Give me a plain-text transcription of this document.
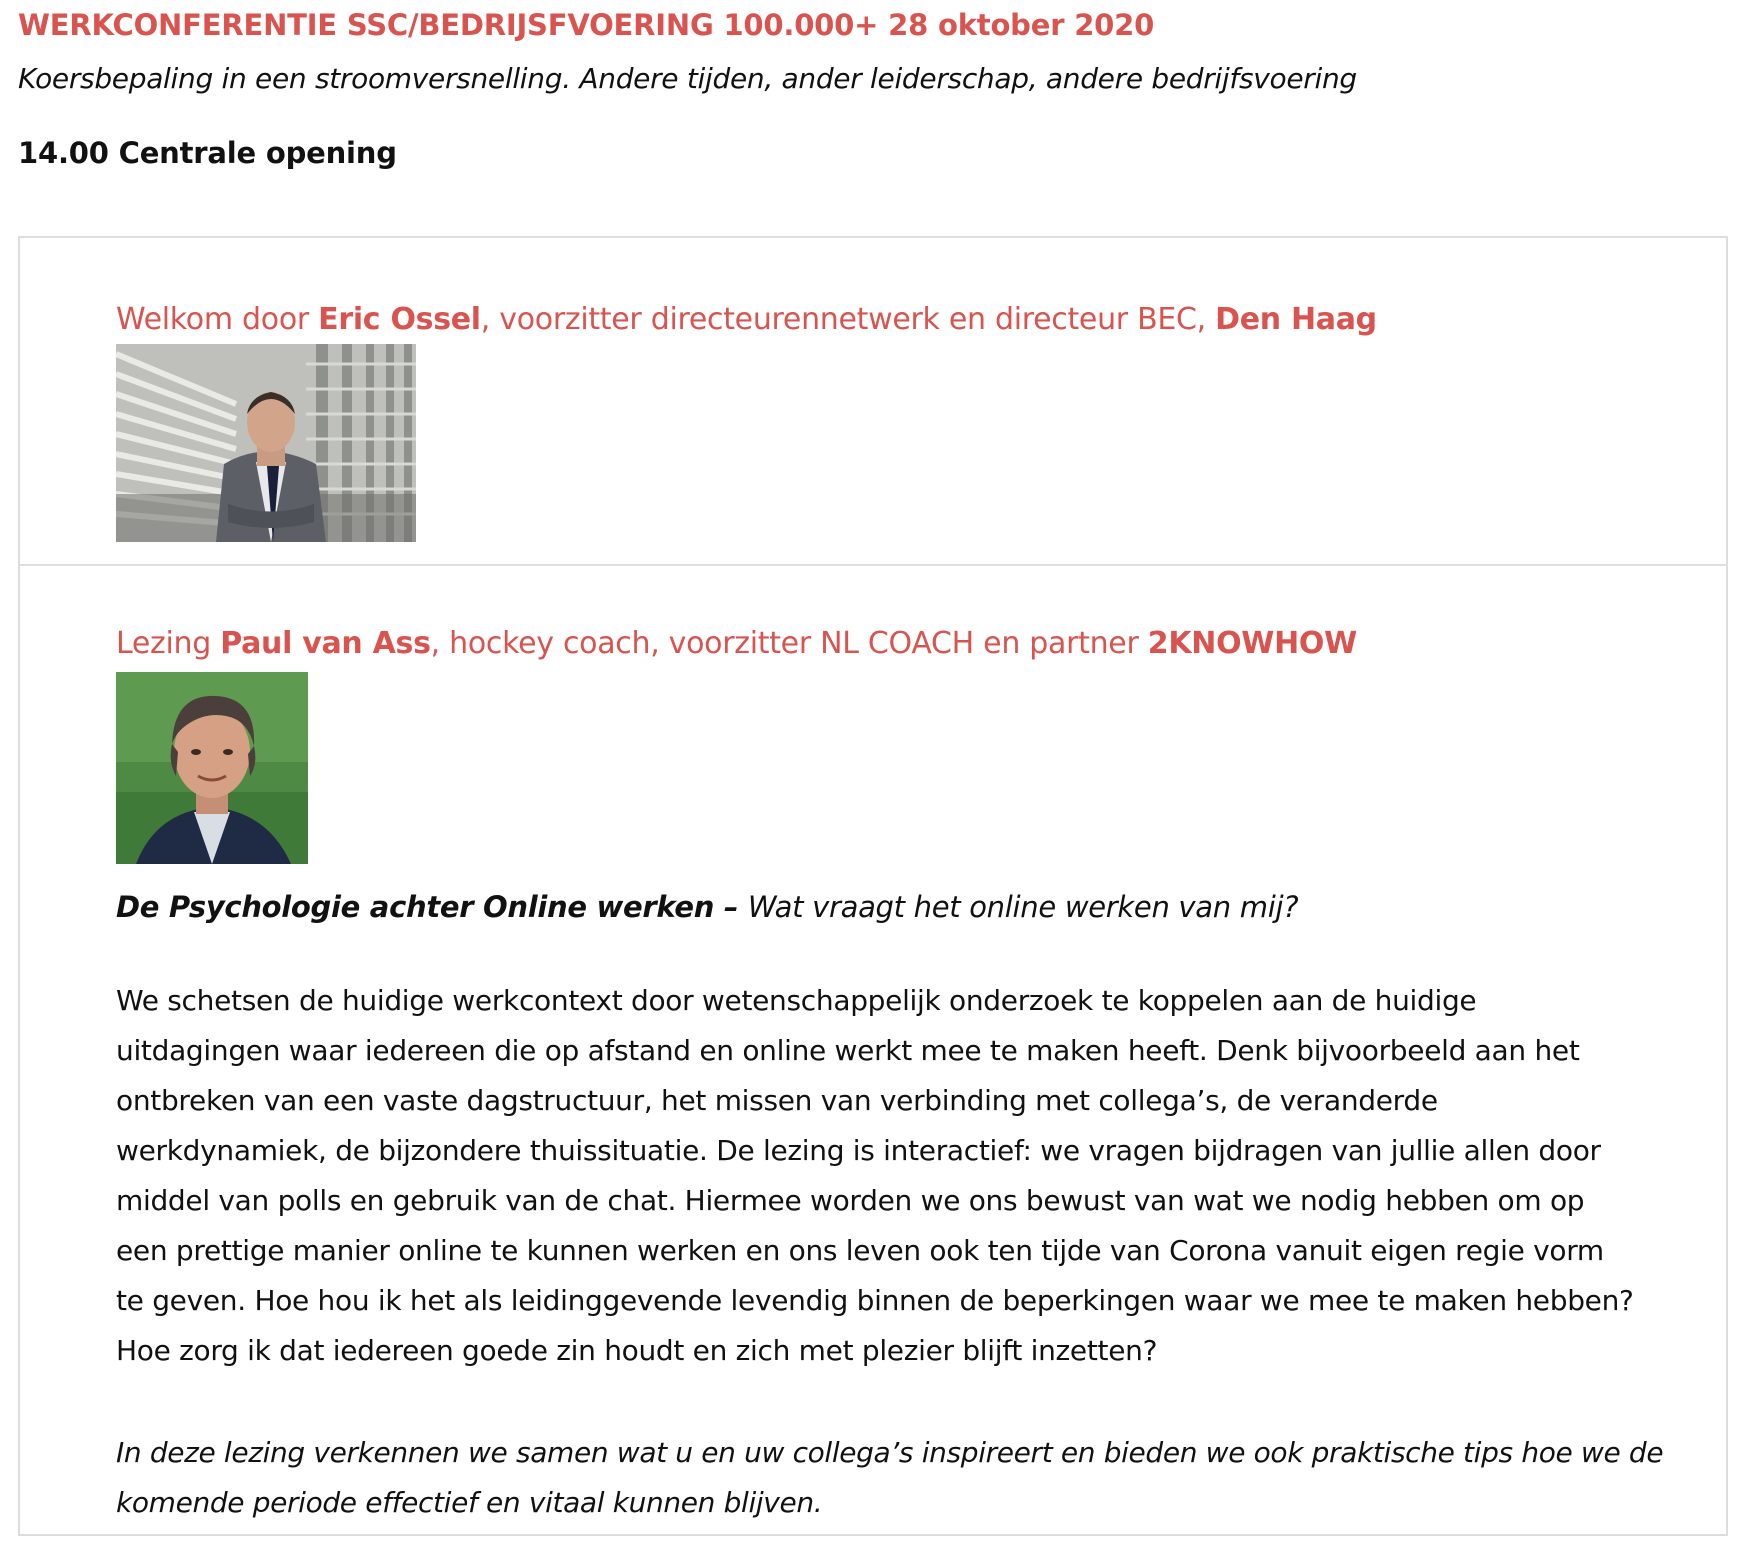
WERKCONFERENTIE SSC/BEDRIJSFVOERING 100.000+ 28 oktober 2020
Koersbepaling in een stroomversnelling. Andere tijden, ander leiderschap, andere bedrijfsvoering
14.00 Centrale opening
Welkom door Eric Ossel, voorzitter directeurennetwerk en directeur BEC, Den Haag
Lezing Paul van Ass, hockey coach, voorzitter NL COACH en partner 2KNOWHOW
De Psychologie achter Online werken – Wat vraagt het online werken van mij?
We schetsen de huidige werkcontext door wetenschappelijk onderzoek te koppelen aan de huidige
uitdagingen waar iedereen die op afstand en online werkt mee te maken heeft. Denk bijvoorbeeld aan het
ontbreken van een vaste dagstructuur, het missen van verbinding met collega’s, de veranderde
werkdynamiek, de bijzondere thuissituatie. De lezing is interactief: we vragen bijdragen van jullie allen door
middel van polls en gebruik van de chat. Hiermee worden we ons bewust van wat we nodig hebben om op
een prettige manier online te kunnen werken en ons leven ook ten tijde van Corona vanuit eigen regie vorm
te geven. Hoe hou ik het als leidinggevende levendig binnen de beperkingen waar we mee te maken hebben?
Hoe zorg ik dat iedereen goede zin houdt en zich met plezier blijft inzetten?
In deze lezing verkennen we samen wat u en uw collega’s inspireert en bieden we ook praktische tips hoe we de
komende periode effectief en vitaal kunnen blijven.
